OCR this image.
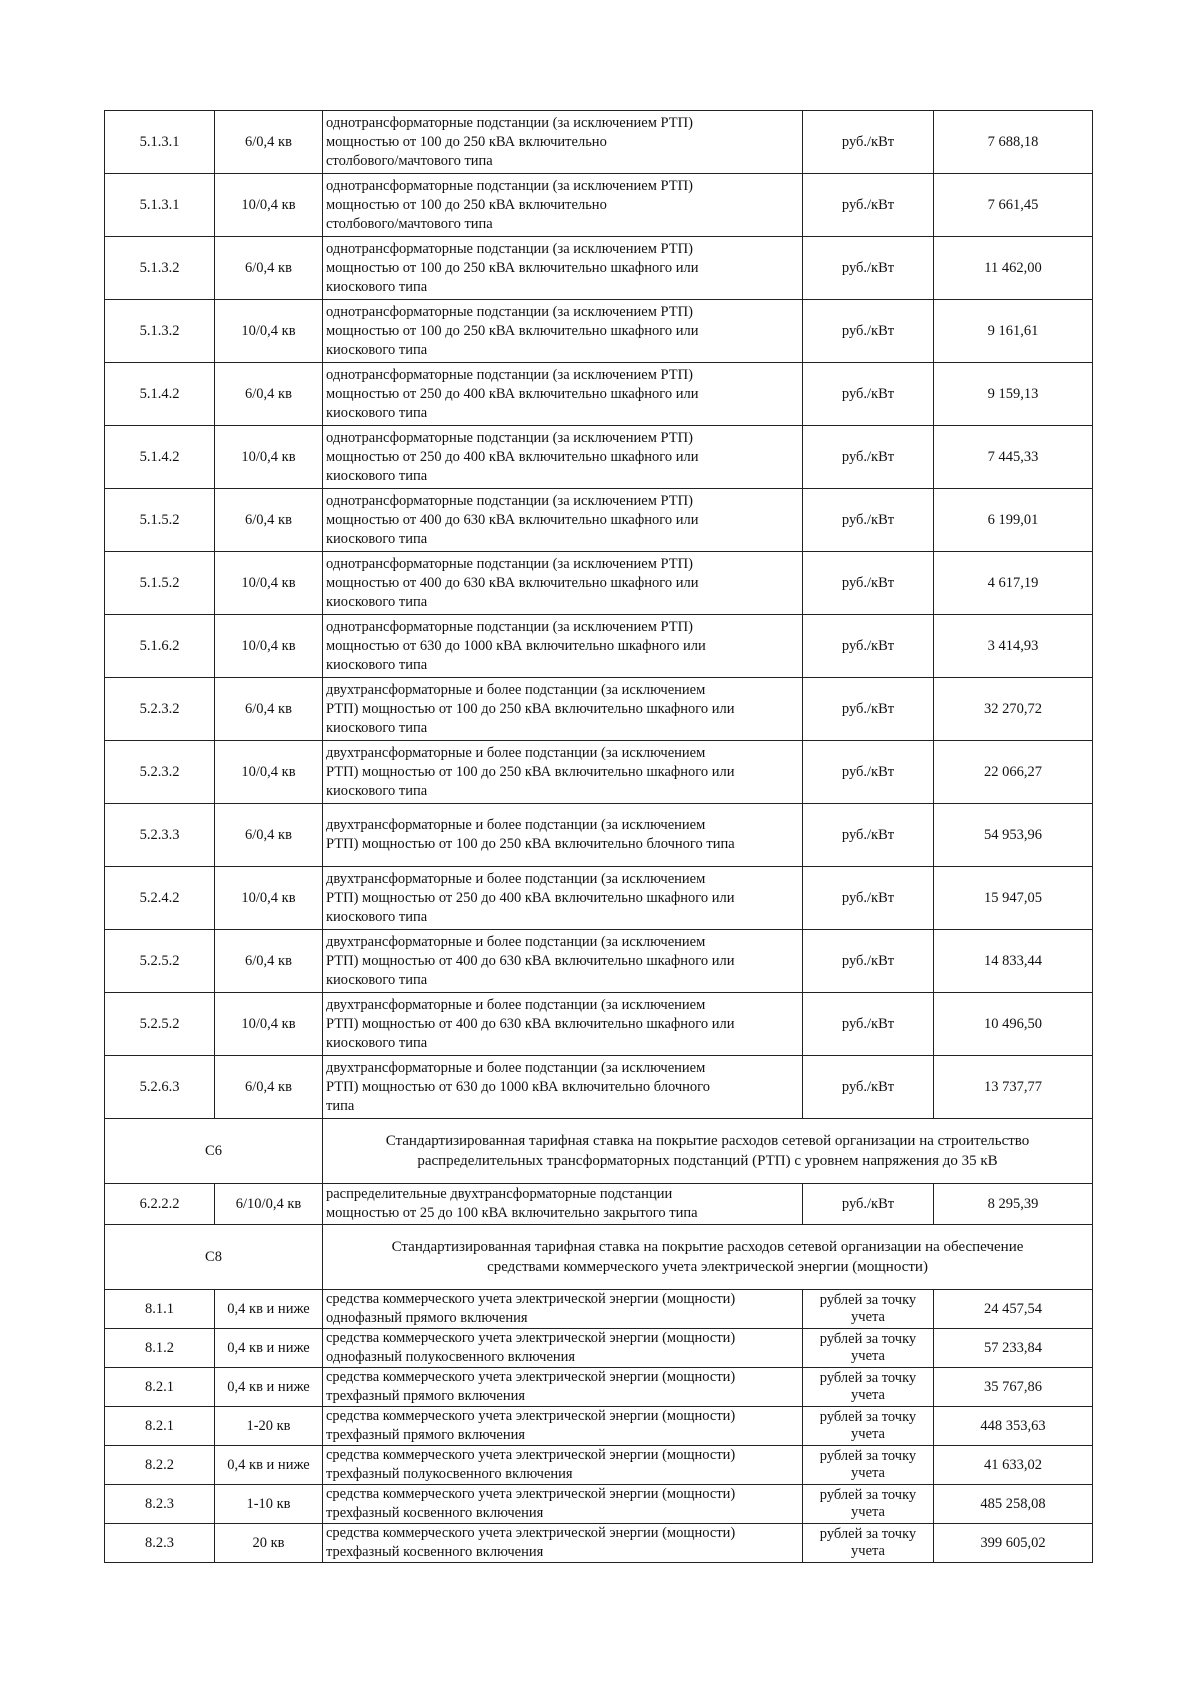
5.1.3.1	6/0,4 кв	однотрансформаторные подстанции (за исключением РТП)
мощностью от 100 до 250 кВА включительно
столбового/мачтового типа	руб./кВт	7 688,18
5.1.3.1	10/0,4 кв	однотрансформаторные подстанции (за исключением РТП)
мощностью от 100 до 250 кВА включительно
столбового/мачтового типа	руб./кВт	7 661,45
5.1.3.2	6/0,4 кв	однотрансформаторные подстанции (за исключением РТП)
мощностью от 100 до 250 кВА включительно шкафного или
киоскового типа	руб./кВт	11 462,00
5.1.3.2	10/0,4 кв	однотрансформаторные подстанции (за исключением РТП)
мощностью от 100 до 250 кВА включительно шкафного или
киоскового типа	руб./кВт	9 161,61
5.1.4.2	6/0,4 кв	однотрансформаторные подстанции (за исключением РТП)
мощностью от 250 до 400 кВА включительно шкафного или
киоскового типа	руб./кВт	9 159,13
5.1.4.2	10/0,4 кв	однотрансформаторные подстанции (за исключением РТП)
мощностью от 250 до 400 кВА включительно шкафного или
киоскового типа	руб./кВт	7 445,33
5.1.5.2	6/0,4 кв	однотрансформаторные подстанции (за исключением РТП)
мощностью от 400 до 630 кВА включительно шкафного или
киоскового типа	руб./кВт	6 199,01
5.1.5.2	10/0,4 кв	однотрансформаторные подстанции (за исключением РТП)
мощностью от 400 до 630 кВА включительно шкафного или
киоскового типа	руб./кВт	4 617,19
5.1.6.2	10/0,4 кв	однотрансформаторные подстанции (за исключением РТП)
мощностью от 630 до 1000 кВА включительно шкафного или
киоскового типа	руб./кВт	3 414,93
5.2.3.2	6/0,4 кв	двухтрансформаторные и более подстанции (за исключением
РТП) мощностью от 100 до 250 кВА включительно шкафного или
киоскового типа	руб./кВт	32 270,72
5.2.3.2	10/0,4 кв	двухтрансформаторные и более подстанции (за исключением
РТП) мощностью от 100 до 250 кВА включительно шкафного или
киоскового типа	руб./кВт	22 066,27
5.2.3.3	6/0,4 кв	двухтрансформаторные и более подстанции (за исключением
РТП) мощностью от 100 до 250 кВА включительно блочного типа	руб./кВт	54 953,96
5.2.4.2	10/0,4 кв	двухтрансформаторные и более подстанции (за исключением
РТП) мощностью от 250 до 400 кВА включительно шкафного или
киоскового типа	руб./кВт	15 947,05
5.2.5.2	6/0,4 кв	двухтрансформаторные и более подстанции (за исключением
РТП) мощностью от 400 до 630 кВА включительно шкафного или
киоскового типа	руб./кВт	14 833,44
5.2.5.2	10/0,4 кв	двухтрансформаторные и более подстанции (за исключением
РТП) мощностью от 400 до 630 кВА включительно шкафного или
киоскового типа	руб./кВт	10 496,50
5.2.6.3	6/0,4 кв	двухтрансформаторные и более подстанции (за исключением
РТП) мощностью от 630 до 1000 кВА включительно блочного
типа	руб./кВт	13 737,77
С6		Стандартизированная тарифная ставка на покрытие расходов сетевой организации на строительство
распределительных трансформаторных подстанций (РТП) с уровнем напряжения до 35 кВ		
6.2.2.2	6/10/0,4 кв	распределительные двухтрансформаторные подстанции
мощностью от 25 до 100 кВА включительно закрытого типа	руб./кВт	8 295,39
С8		Стандартизированная тарифная ставка на покрытие расходов сетевой организации на обеспечение
средствами коммерческого учета электрической энергии (мощности)		
8.1.1	0,4 кв и ниже	средства коммерческого учета электрической энергии (мощности)
однофазный прямого включения	рублей за точку
учета	24 457,54
8.1.2	0,4 кв и ниже	средства коммерческого учета электрической энергии (мощности)
однофазный полукосвенного включения	рублей за точку
учета	57 233,84
8.2.1	0,4 кв и ниже	средства коммерческого учета электрической энергии (мощности)
трехфазный прямого включения	рублей за точку
учета	35 767,86
8.2.1	1-20 кв	средства коммерческого учета электрической энергии (мощности)
трехфазный прямого включения	рублей за точку
учета	448 353,63
8.2.2	0,4 кв и ниже	средства коммерческого учета электрической энергии (мощности)
трехфазный полукосвенного включения	рублей за точку
учета	41 633,02
8.2.3	1-10 кв	средства коммерческого учета электрической энергии (мощности)
трехфазный косвенного включения	рублей за точку
учета	485 258,08
8.2.3	20 кв	средства коммерческого учета электрической энергии (мощности)
трехфазный косвенного включения	рублей за точку
учета	399 605,02
